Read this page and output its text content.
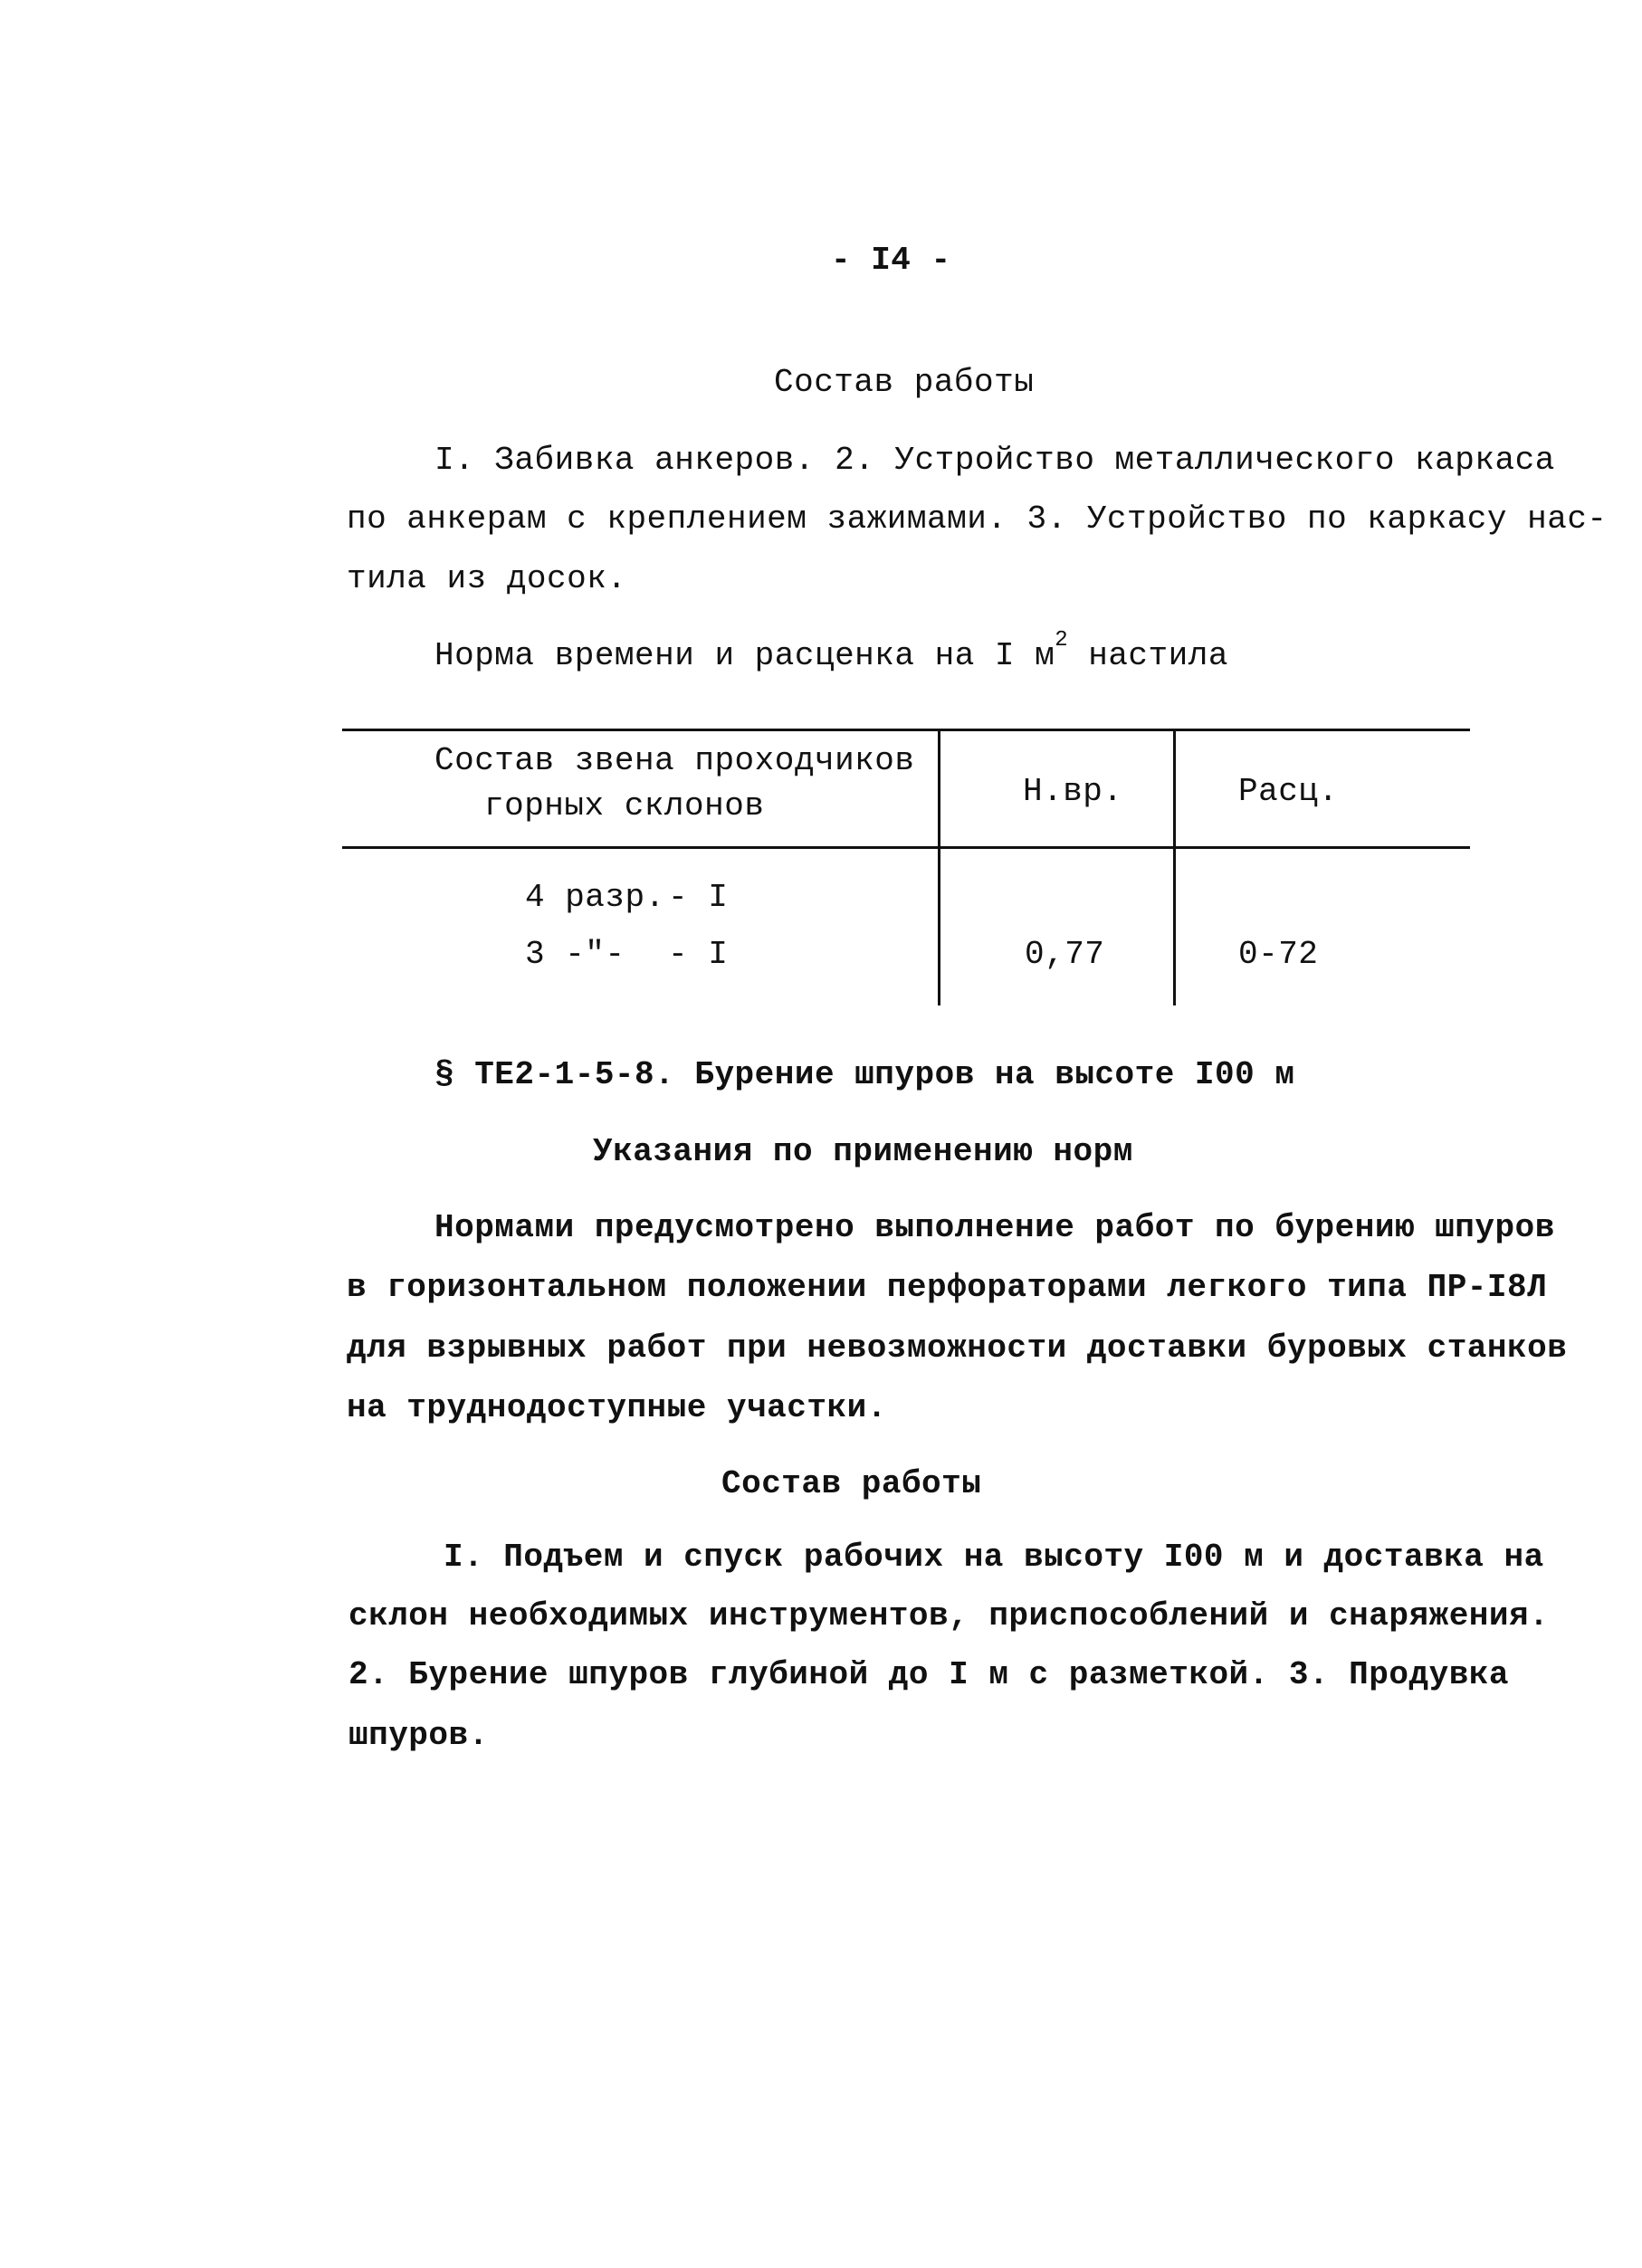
- I4 -
Состав работы
I. Забивка анкеров. 2. Устройство металлического каркаса
по анкерам с креплением зажимами. 3. Устройство по каркасу нас-
тила из досок.
Норма времени и расценка на I $м^2$ настила
Состав звена проходчиков
горных склонов	Н.вр.	Расц.
4 разр. - I
3 -"- - I	0,77	0-72
§ ТЕ2-1-5-8. Бурение шпуров на высоте I00 м
Указания по применению норм
Нормами предусмотрено выполнение работ по бурению шпуров
в горизонтальном положении перфораторами легкого типа ПР-I8Л
для взрывных работ при невозможности доставки буровых станков
на труднодоступные участки.
Состав работы
I. Подъем и спуск рабочих на высоту I00 м и доставка на
склон необходимых инструментов, приспособлений и снаряжения.
2. Бурение шпуров глубиной до I м с разметкой. 3. Продувка
шпуров.
